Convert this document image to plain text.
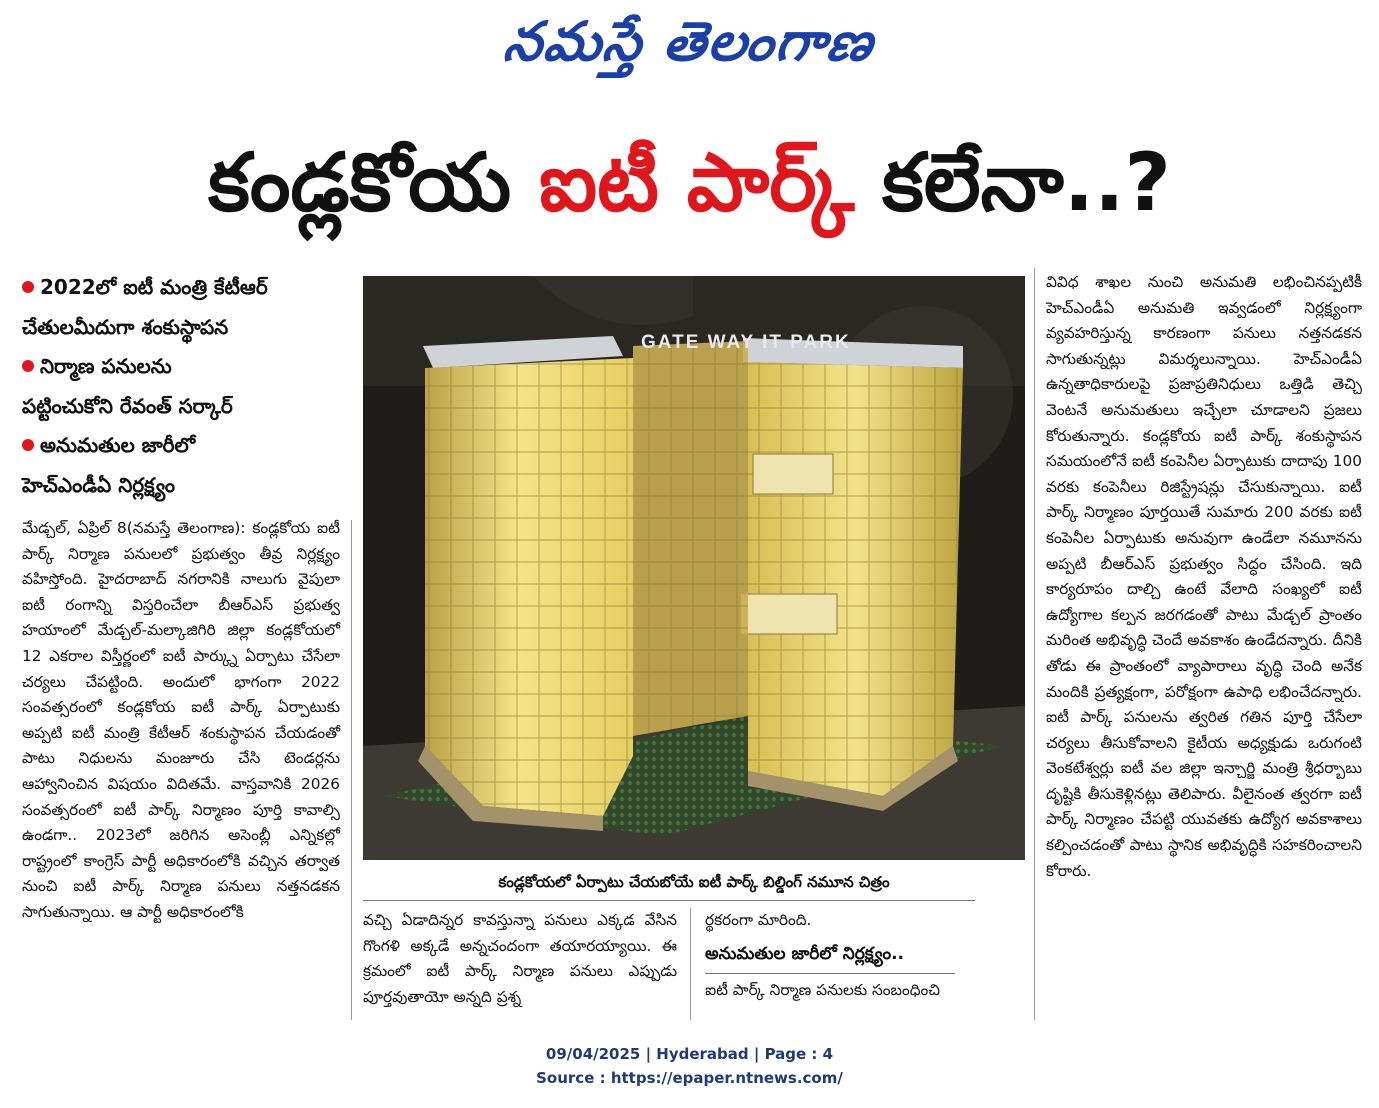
నమస్తే తెలంగాణ
కండ్లకోయ ఐటీ పార్క్ కలేనా..?
2022లో ఐటీ మంత్రి కేటీఆర్
చేతులమీదుగా శంకుస్థాపన
నిర్మాణ పనులను
పట్టించుకోని రేవంత్ సర్కార్
అనుమతుల జారీలో
హెచ్ఎండీఏ నిర్లక్ష్యం

మేడ్చల్, ఏప్రిల్ 8(నమస్తే తెలంగాణ): కండ్లకోయ ఐటీ పార్క్ నిర్మాణ పనులలో ప్రభుత్వం తీవ్ర నిర్లక్ష్యం వహిస్తోంది. హైదరాబాద్ నగరానికి నాలుగు వైపులా ఐటీ రంగాన్ని విస్తరించేలా బీఆర్ఎస్ ప్రభుత్వ హయాంలో మేడ్చల్-మల్కాజిగిరి జిల్లా కండ్లకోయలో 12 ఎకరాల విస్తీర్ణంలో ఐటీ పార్క్ను ఏర్పాటు చేసేలా చర్యలు చేపట్టింది. అందులో భాగంగా 2022 సంవత్సరంలో కండ్లకోయ ఐటీ పార్క్ ఏర్పాటుకు అప్పటి ఐటీ మంత్రి కేటీఆర్ శంకుస్థాపన చేయడంతో పాటు నిధులను మంజూరు చేసి టెండర్లను ఆహ్వానించిన విషయం విదితమే. వాస్తవానికి 2026 సంవత్సరంలో ఐటీ పార్క్ నిర్మాణం పూర్తి కావాల్సి ఉండగా.. 2023లో జరిగిన అసెంబ్లీ ఎన్నికల్లో రాష్ట్రంలో కాంగ్రెస్ పార్టీ అధికారంలోకి వచ్చిన తర్వాత నుంచి ఐటీ పార్క్ నిర్మాణ పనులు నత్తనడకన సాగుతున్నాయి. ఆ పార్టీ అధికారంలోకి

GATE WAY IT PARK
కండ్లకోయలో ఏర్పాటు చేయబోయే ఐటీ పార్క్ బిల్డింగ్ నమూన చిత్రం

వచ్చి ఏడాదిన్నర కావస్తున్నా పనులు ఎక్కడ వేసిన గొంగళి అక్కడే అన్నచందంగా తయారయ్యాయి. ఈ క్రమంలో ఐటీ పార్క్ నిర్మాణ పనులు ఎప్పుడు పూర్తవుతాయో అన్నది ప్రశ్న

ర్థకరంగా మారింది.

అనుమతుల జారీలో నిర్లక్ష్యం..

ఐటీ పార్క్ నిర్మాణ పనులకు సంబంధించి

వివిధ శాఖల నుంచి అనుమతి లభించినప్పటికీ హెచ్ఎండీఏ అనుమతి ఇవ్వడంలో నిర్లక్ష్యంగా వ్యవహరిస్తున్న కారణంగా పనులు నత్తనడకన సాగుతున్నట్లు విమర్శలున్నాయి. హెచ్ఎండీఏ ఉన్నతాధికారులపై ప్రజాప్రతినిధులు ఒత్తిడి తెచ్చి వెంటనే అనుమతులు ఇచ్చేలా చూడాలని ప్రజలు కోరుతున్నారు. కండ్లకోయ ఐటీ పార్క్ శంకుస్థాపన సమయంలోనే ఐటీ కంపెనీల ఏర్పాటుకు దాదాపు 100 వరకు కంపెనీలు రిజిస్ట్రేషన్లు చేసుకున్నాయి. ఐటీ పార్క్ నిర్మాణం పూర్తయితే సుమారు 200 వరకు ఐటీ కంపెనీల ఏర్పాటుకు అనువుగా ఉండేలా నమూనను అప్పటి బీఆర్ఎస్ ప్రభుత్వం సిద్ధం చేసింది. ఇది కార్యరూపం దాల్చి ఉంటే వేలాది సంఖ్యలో ఐటీ ఉద్యోగాల కల్పన జరగడంతో పాటు మేడ్చల్ ప్రాంతం మరింత అభివృద్ధి చెందే అవకాశం ఉండేదన్నారు. దీనికి తోడు ఈ ప్రాంతంలో వ్యాపారాలు వృద్ధి చెంది అనేక మందికి ప్రత్యక్షంగా, పరోక్షంగా ఉపాధి లభించేదన్నారు. ఐటీ పార్క్ పనులను త్వరిత గతిన పూర్తి చేసేలా చర్యలు తీసుకోవాలని కైటీయ అధ్యక్షుడు ఒరుగంటి వెంకటేశ్వర్లు ఐటీ వల జిల్లా ఇన్చార్జి మంత్రి శ్రీధర్బాబు దృష్టికి తీసుకెళ్లినట్లు తెలిపారు. వీలైనంత త్వరగా ఐటీ పార్క్ నిర్మాణం చేపట్టి యువతకు ఉద్యోగ అవకాశాలు కల్పించడంతో పాటు స్థానిక అభివృద్ధికి సహకరించాలని కోరారు.

09/04/2025 | Hyderabad | Page : 4
Source : https://epaper.ntnews.com/
